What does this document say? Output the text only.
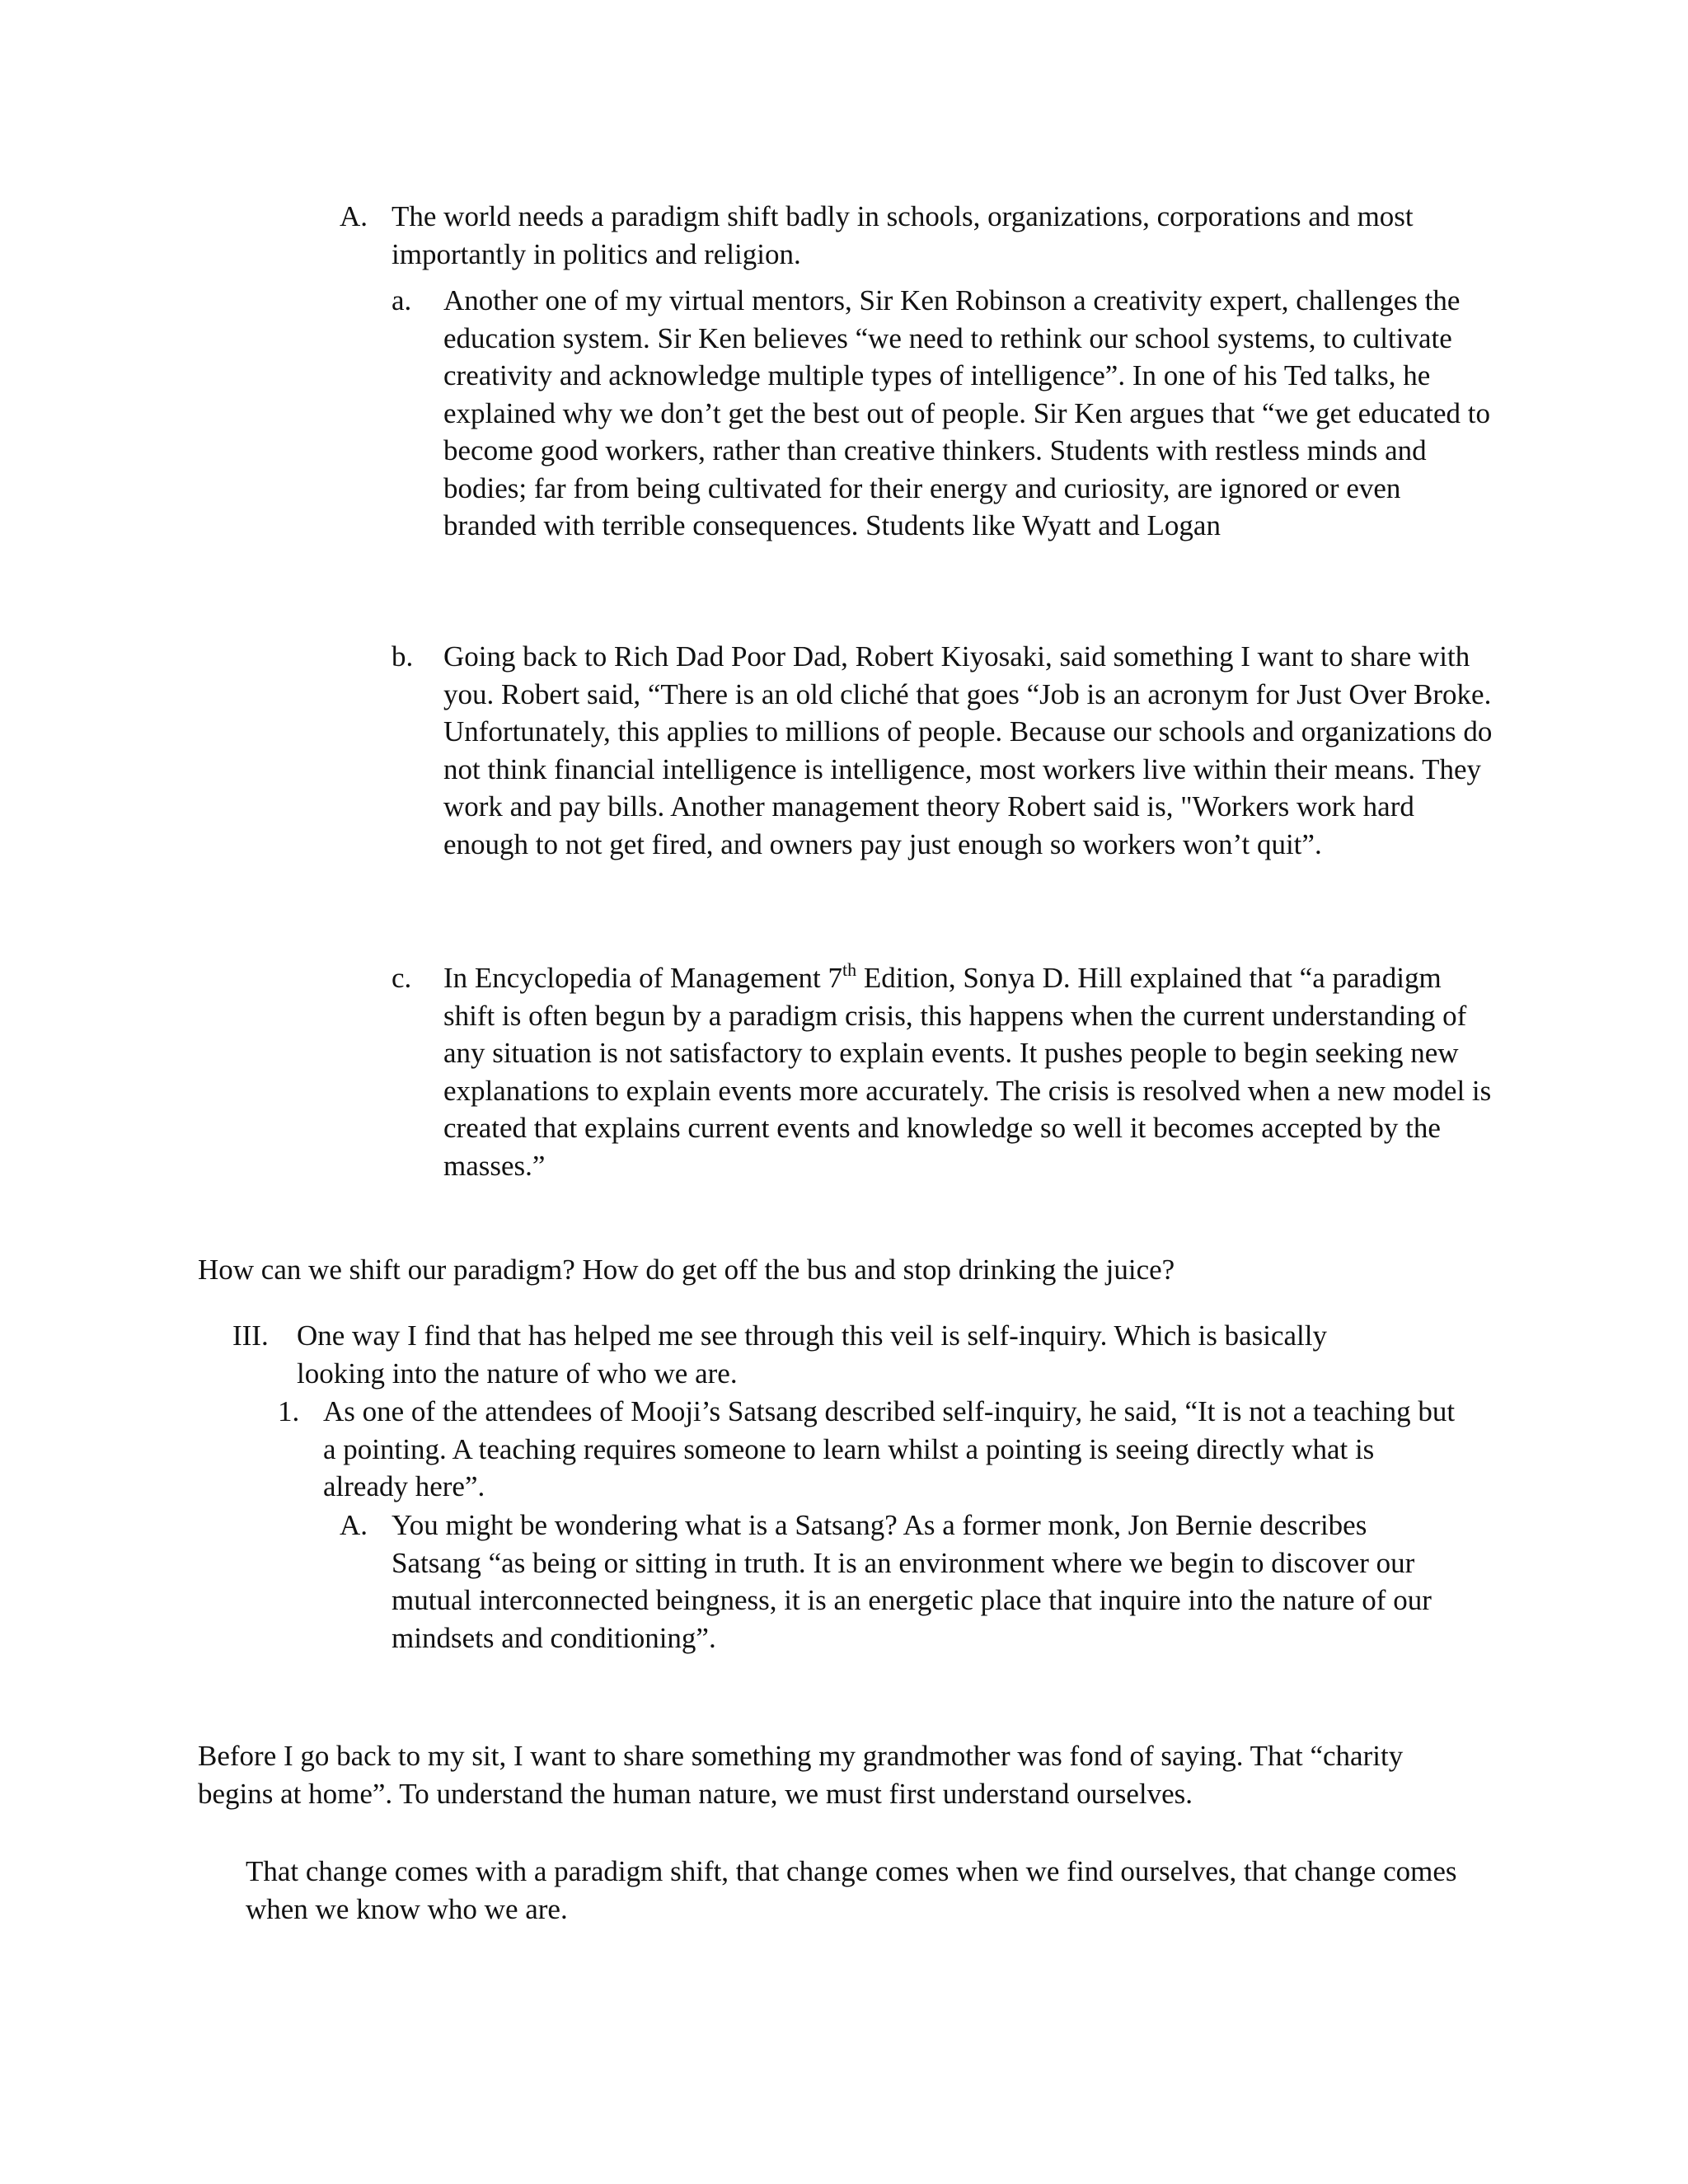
A. The world needs a paradigm shift badly in schools, organizations, corporations and most importantly in politics and religion.
a. Another one of my virtual mentors, Sir Ken Robinson a creativity expert, challenges the education system. Sir Ken believes “we need to rethink our school systems, to cultivate creativity and acknowledge multiple types of intelligence”. In one of his Ted talks, he explained why we don’t get the best out of people. Sir Ken argues that “we get educated to become good workers, rather than creative thinkers. Students with restless minds and bodies; far from being cultivated for their energy and curiosity, are ignored or even branded with terrible consequences. Students like Wyatt and Logan
b. Going back to Rich Dad Poor Dad, Robert Kiyosaki, said something I want to share with you. Robert said, “There is an old cliché that goes “Job is an acronym for Just Over Broke. Unfortunately, this applies to millions of people. Because our schools and organizations do not think financial intelligence is intelligence, most workers live within their means. They work and pay bills. Another management theory Robert said is, "Workers work hard enough to not get fired, and owners pay just enough so workers won’t quit”.
c. In Encyclopedia of Management 7th Edition, Sonya D. Hill explained that “a paradigm shift is often begun by a paradigm crisis, this happens when the current understanding of any situation is not satisfactory to explain events. It pushes people to begin seeking new explanations to explain events more accurately. The crisis is resolved when a new model is created that explains current events and knowledge so well it becomes accepted by the masses.”
How can we shift our paradigm? How do get off the bus and stop drinking the juice?
III. One way I find that has helped me see through this veil is self-inquiry. Which is basically looking into the nature of who we are.
1. As one of the attendees of Mooji’s Satsang described self-inquiry, he said, “It is not a teaching but a pointing. A teaching requires someone to learn whilst a pointing is seeing directly what is already here”.
A. You might be wondering what is a Satsang? As a former monk, Jon Bernie describes Satsang “as being or sitting in truth. It is an environment where we begin to discover our mutual interconnected beingness, it is an energetic place that inquire into the nature of our mindsets and conditioning”.
Before I go back to my sit, I want to share something my grandmother was fond of saying. That “charity begins at home”. To understand the human nature, we must first understand ourselves.
That change comes with a paradigm shift, that change comes when we find ourselves, that change comes when we know who we are.
